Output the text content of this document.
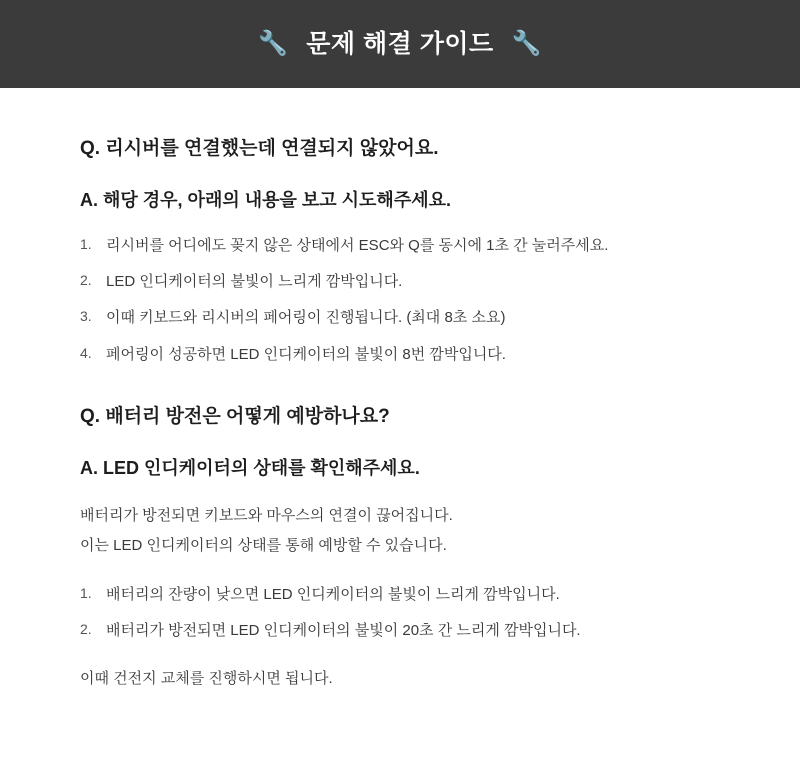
🔧 문제 해결 가이드 🔧

Q. 리시버를 연결했는데 연결되지 않았어요.

A. 해당 경우, 아래의 내용을 보고 시도해주세요.

1. 리시버를 어디에도 꽂지 않은 상태에서 ESC와 Q를 동시에 1초 간 눌러주세요.
2. LED 인디케이터의 불빛이 느리게 깜박입니다.
3. 이때 키보드와 리시버의 페어링이 진행됩니다. (최대 8초 소요)
4. 페어링이 성공하면 LED 인디케이터의 불빛이 8번 깜박입니다.

Q. 배터리 방전은 어떻게 예방하나요?

A. LED 인디케이터의 상태를 확인해주세요.

배터리가 방전되면 키보드와 마우스의 연결이 끊어집니다.

이는 LED 인디케이터의 상태를 통해 예방할 수 있습니다.

1. 배터리의 잔량이 낮으면 LED 인디케이터의 불빛이 느리게 깜박입니다.
2. 배터리가 방전되면 LED 인디케이터의 불빛이 20초 간 느리게 깜박입니다.

이때 건전지 교체를 진행하시면 됩니다.
